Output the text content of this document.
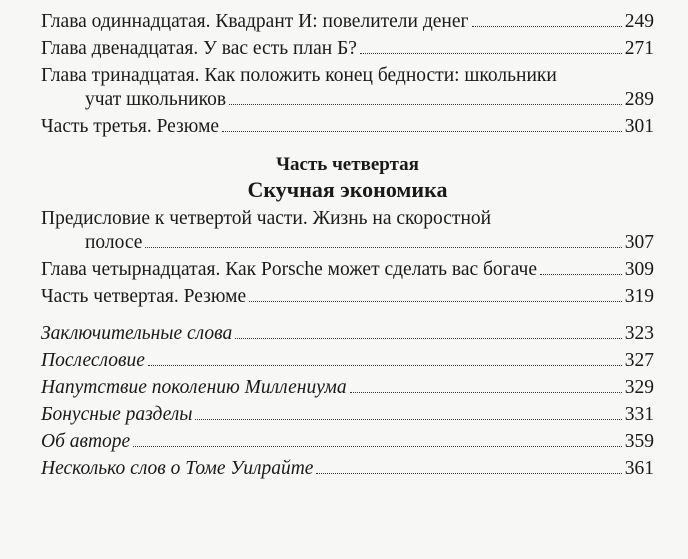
Глава одиннадцатая. Квадрант И: повелители денег	249
Глава двенадцатая. У вас есть план Б?	271
Глава тринадцатая. Как положить конец бедности: школьники
учат школьников	289
Часть третья. Резюме	301
Часть четвертая
Скучная экономика
Предисловие к четвертой части. Жизнь на скоростной
полосе	307
Глава четырнадцатая. Как Porsche может сделать вас богаче	309
Часть четвертая. Резюме	319
Заключительные слова	323
Послесловие	327
Напутствие поколению Миллениума	329
Бонусные разделы	331
Об авторе	359
Несколько слов о Томе Уилрайте	361
